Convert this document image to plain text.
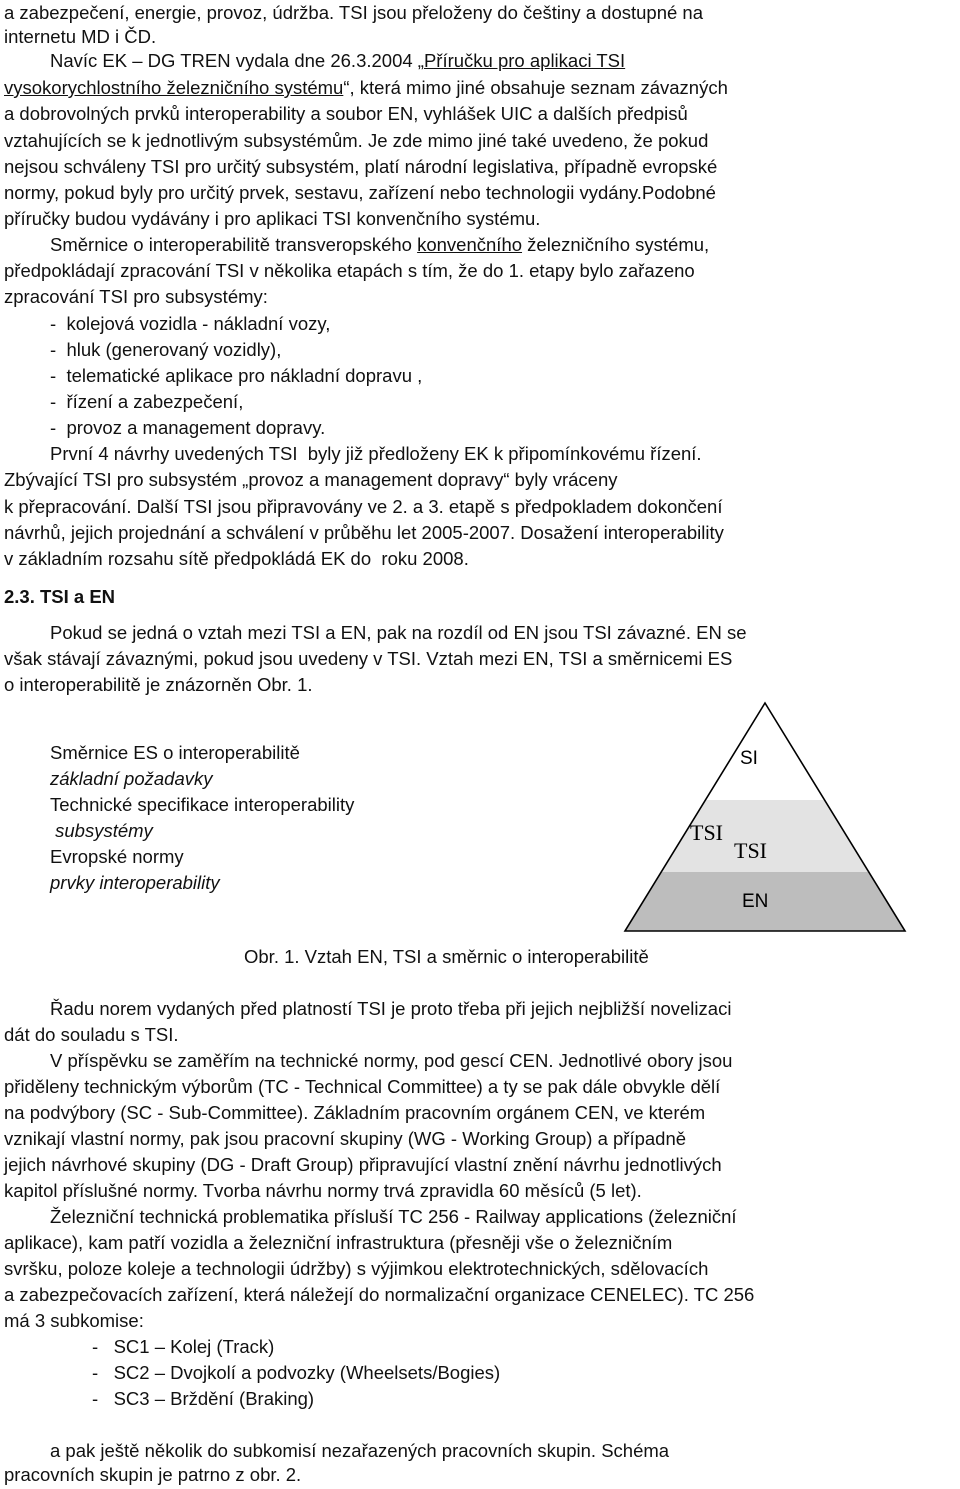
a zabezpečení, energie, provoz, údržba. TSI jsou přeloženy do češtiny a dostupné na
internetu MD i ČD.
Navíc EK – DG TREN vydala dne 26.3.2004 „Příručku pro aplikaci TSI
vysokorychlostního železničního systému“, která mimo jiné obsahuje seznam závazných
a dobrovolných prvků interoperability a soubor EN, vyhlášek UIC a dalších předpisů
vztahujících se k jednotlivým subsystémům. Je zde mimo jiné také uvedeno, že pokud
nejsou schváleny TSI pro určitý subsystém, platí národní legislativa, případně evropské
normy, pokud byly pro určitý prvek, sestavu, zařízení nebo technologii vydány.Podobné
příručky budou vydávány i pro aplikaci TSI konvenčního systému.
Směrnice o interoperabilitě transveropského konvenčního železničního systému,
předpokládají zpracování TSI v několika etapách s tím, že do 1. etapy bylo zařazeno
zpracování TSI pro subsystémy:
-  kolejová vozidla - nákladní vozy,
-  hluk (generovaný vozidly),
-  telematické aplikace pro nákladní dopravu ,
-  řízení a zabezpečení,
-  provoz a management dopravy.
První 4 návrhy uvedených TSI  byly již předloženy EK k připomínkovému řízení.
Zbývající TSI pro subsystém „provoz a management dopravy“ byly vráceny
k přepracování. Další TSI jsou připravovány ve 2. a 3. etapě s předpokladem dokončení
návrhů, jejich projednání a schválení v průběhu let 2005-2007. Dosažení interoperability
v základním rozsahu sítě předpokládá EK do  roku 2008.
2.3. TSI a EN
Pokud se jedná o vztah mezi TSI a EN, pak na rozdíl od EN jsou TSI závazné. EN se
však stávají závaznými, pokud jsou uvedeny v TSI. Vztah mezi EN, TSI a směrnicemi ES
o interoperabilitě je znázorněn Obr. 1.
Směrnice ES o interoperabilitě
základní požadavky
Technické specifikace interoperability
subsystémy
Evropské normy
prvky interoperability
SI
TSI
TSI
EN
Obr. 1. Vztah EN, TSI a směrnic o interoperabilitě
Řadu norem vydaných před platností TSI je proto třeba při jejich nejbližší novelizaci
dát do souladu s TSI.
V příspěvku se zaměřím na technické normy, pod gescí CEN. Jednotlivé obory jsou
přiděleny technickým výborům (TC - Technical Committee) a ty se pak dále obvykle dělí
na podvýbory (SC - Sub-Committee). Základním pracovním orgánem CEN, ve kterém
vznikají vlastní normy, pak jsou pracovní skupiny (WG - Working Group) a případně
jejich návrhové skupiny (DG - Draft Group) připravující vlastní znění návrhu jednotlivých
kapitol příslušné normy. Tvorba návrhu normy trvá zpravidla 60 měsíců (5 let).
Železniční technická problematika přísluší TC 256 - Railway applications (železniční
aplikace), kam patří vozidla a železniční infrastruktura (přesněji vše o železničním
svršku, poloze koleje a technologii údržby) s výjimkou elektrotechnických, sdělovacích
a zabezpečovacích zařízení, která náležejí do normalizační organizace CENELEC). TC 256
má 3 subkomise:
-   SC1 – Kolej (Track)
-   SC2 – Dvojkolí a podvozky (Wheelsets/Bogies)
-   SC3 – Brždění (Braking)
a pak ještě několik do subkomisí nezařazených pracovních skupin. Schéma
pracovních skupin je patrno z obr. 2.
